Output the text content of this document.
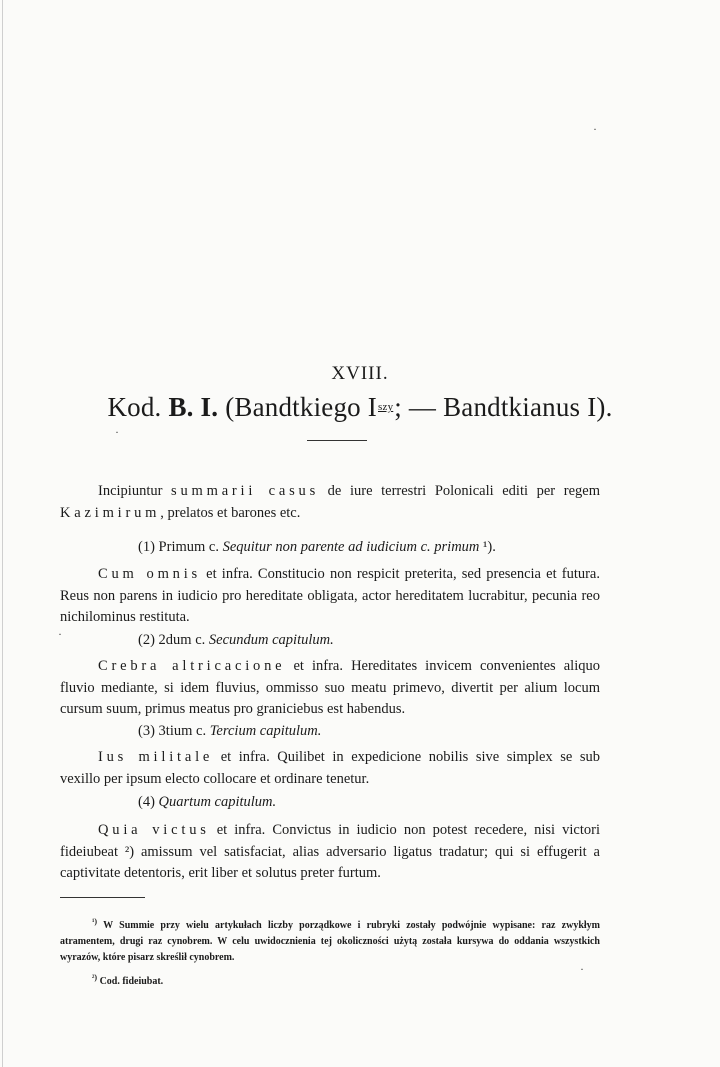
·
·
·
·
XVIII.
Kod. B. I. (Bandtkiego $I^{szy}$; — Bandtkianus I).
Incipiuntur summarii casus de iure terrestri Polonicali editi per regem Kazimirum, prelatos et barones etc.
(1) Primum c. Sequitur non parente ad iudicium c. primum ¹).
Cum omnis et infra. Constitucio non respicit preterita, sed presencia et futura. Reus non parens in iudicio pro hereditate obligata, actor hereditatem lucrabitur, pecunia reo nichilominus restituta.
(2) 2dum c. Secundum capitulum.
Crebra altricacione et infra. Hereditates invicem convenientes aliquo fluvio mediante, si idem fluvius, ommisso suo meatu primevo, divertit per alium locum cursum suum, primus meatus pro graniciebus est habendus.
(3) 3tium c. Tercium capitulum.
Ius militale et infra. Quilibet in expedicione nobilis sive simplex se sub vexillo per ipsum electo collocare et ordinare tenetur.
(4) Quartum capitulum.
Quia victus et infra. Convictus in iudicio non potest recedere, nisi victori fideiubeat ²) amissum vel satisfaciat, alias adversario ligatus tradatur; qui si effugerit a captivitate detentoris, erit liber et solutus preter furtum.
$^{^1)}$ W Summie przy wielu artykułach liczby porządkowe i rubryki zostały podwójnie wypisane: raz zwykłym atramentem, drugi raz cynobrem. W celu uwidocznienia tej okoliczności użytą została kursywa do oddania wszystkich wyrazów, które pisarz skreślił cynobrem.
$^{^2)}$ Cod. fideiubat.
